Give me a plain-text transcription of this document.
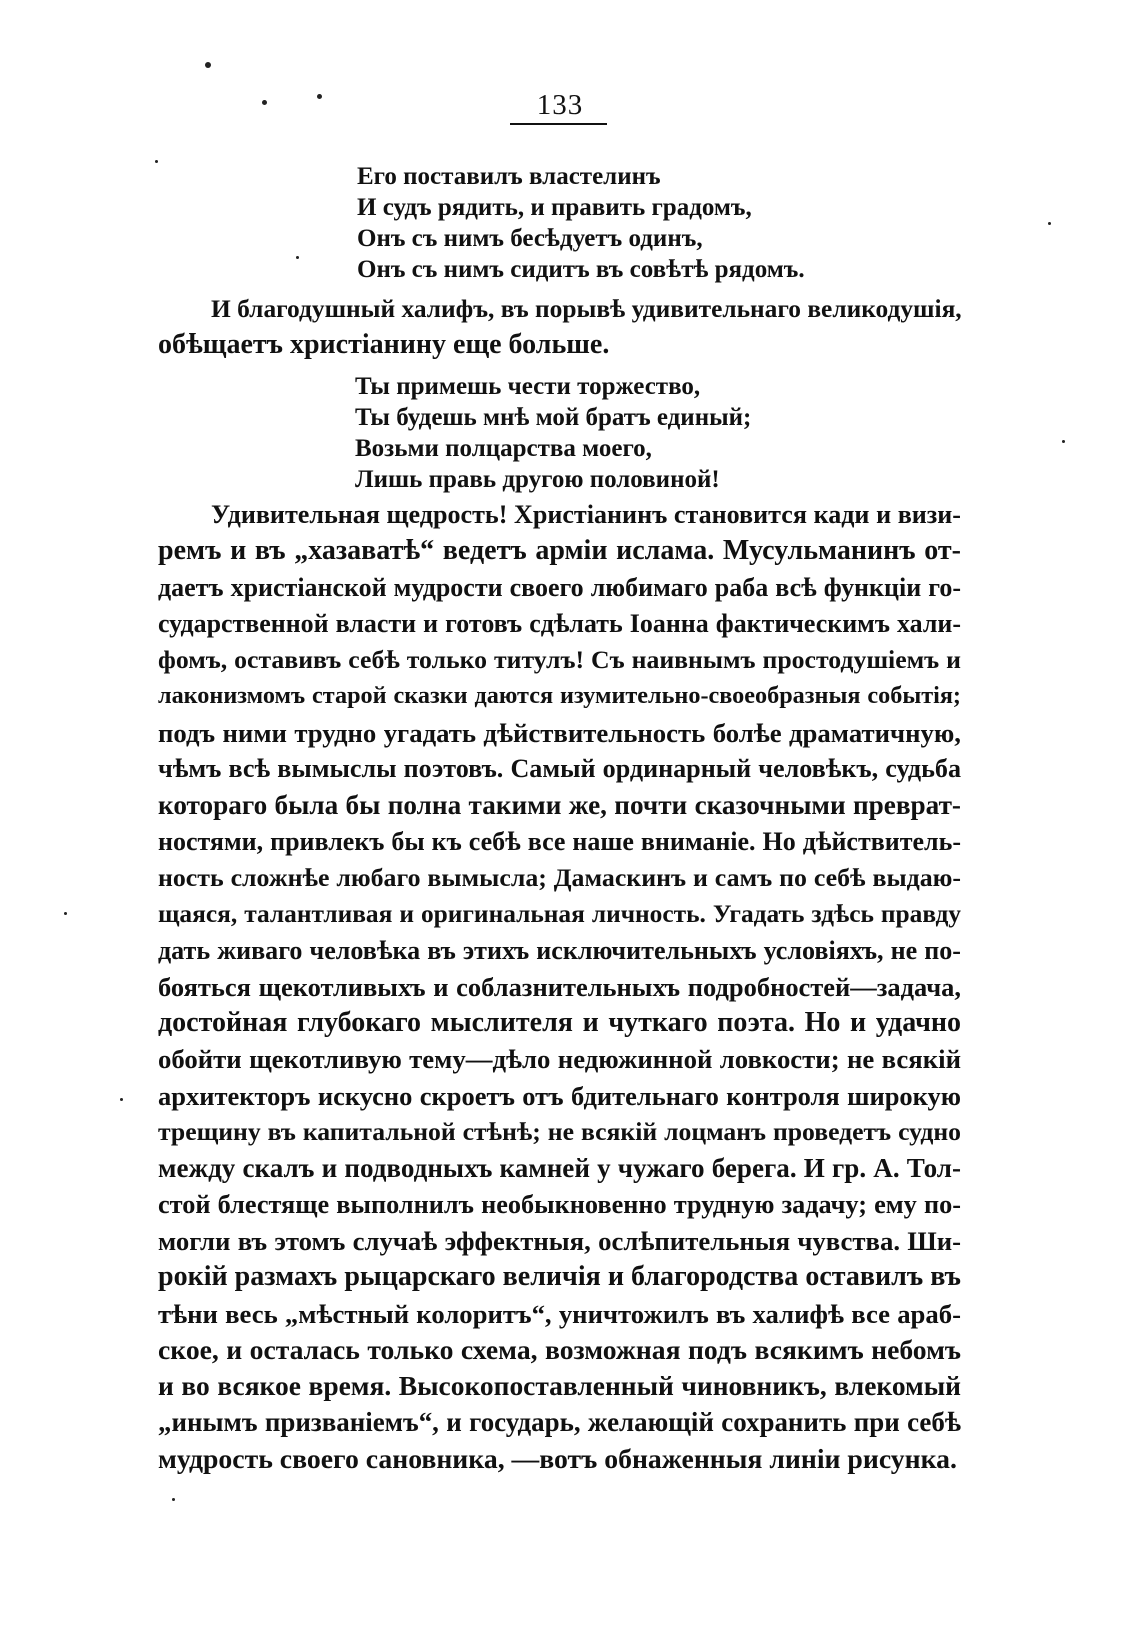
133
Его поставилъ властелинъ
И судъ рядить, и править градомъ,
Онъ съ нимъ бесѣдуетъ одинъ,
Онъ съ нимъ сидитъ въ совѣтѣ рядомъ.
И благодушный халифъ, въ порывѣ удивительнаго великодушія,
обѣщаетъ христіанину еще больше.
Ты примешь чести торжество,
Ты будешь мнѣ мой братъ единый;
Возьми полцарства моего,
Лишь правь другою половиной!
Удивительная щедрость! Христіанинъ становится кади и визи-
ремъ и въ „хазаватѣ“ ведетъ арміи ислама. Мусульманинъ от-
даетъ христіанской мудрости своего любимаго раба всѣ функціи го-
сударственной власти и готовъ сдѣлать Іоанна фактическимъ хали-
фомъ, оставивъ себѣ только титулъ! Съ наивнымъ простодушіемъ и
лаконизмомъ старой сказки даются изумительно-своеобразныя событія;
подъ ними трудно угадать дѣйствительность болѣе драматичную,
чѣмъ всѣ вымыслы поэтовъ. Самый ординарный человѣкъ, судьба
котораго была бы полна такими же, почти сказочными преврат-
ностями, привлекъ бы къ себѣ все наше вниманіе. Но дѣйствитель-
ность сложнѣе любаго вымысла; Дамаскинъ и самъ по себѣ выдаю-
щаяся, талантливая и оригинальная личность. Угадать здѣсь правду
дать живаго человѣка въ этихъ исключительныхъ условіяхъ, не по-
бояться щекотливыхъ и соблазнительныхъ подробностей—задача,
достойная глубокаго мыслителя и чуткаго поэта. Но и удачно
обойти щекотливую тему—дѣло недюжинной ловкости; не всякій
архитекторъ искусно скроетъ отъ бдительнаго контроля широкую
трещину въ капитальной стѣнѣ; не всякій лоцманъ проведетъ судно
между скалъ и подводныхъ камней у чужаго берега. И гр. А. Тол-
стой блестяще выполнилъ необыкновенно трудную задачу; ему по-
могли въ этомъ случаѣ эффектныя, ослѣпительныя чувства. Ши-
рокій размахъ рыцарскаго величія и благородства оставилъ въ
тѣни весь „мѣстный колоритъ“, уничтожилъ въ халифѣ все араб-
ское, и осталась только схема, возможная подъ всякимъ небомъ
и во всякое время. Высокопоставленный чиновникъ, влекомый
„инымъ призваніемъ“, и государь, желающій сохранить при себѣ
мудрость своего сановника, —вотъ обнаженныя линіи рисунка.
